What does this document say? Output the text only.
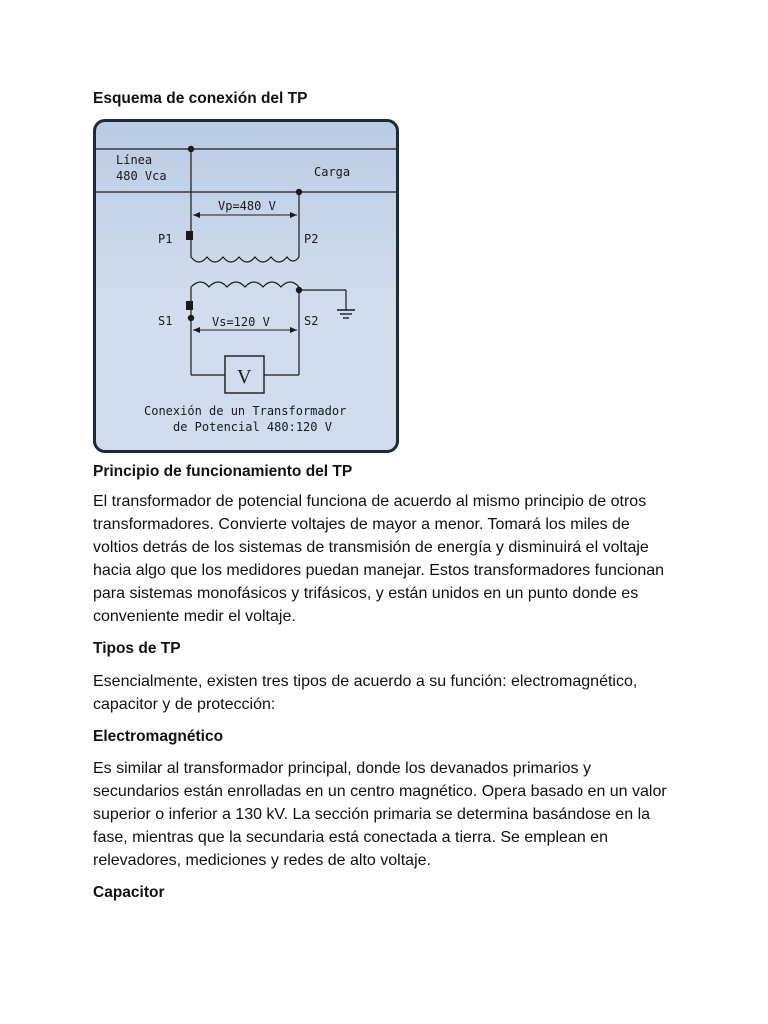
Esquema de conexión del TP
Línea
480 Vca	Carga
Vp=480 V
P1	P2
S1	S2
Vs=120 V
V
Conexión de un Transformador
de Potencial 480:120 V
Principio de funcionamiento del TP

El transformador de potencial funciona de acuerdo al mismo principio de otros transformadores. Convierte voltajes de mayor a menor. Tomará los miles de voltios detrás de los sistemas de transmisión de energía y disminuirá el voltaje hacia algo que los medidores puedan manejar. Estos transformadores funcionan para sistemas monofásicos y trifásicos, y están unidos en un punto donde es conveniente medir el voltaje.

Tipos de TP

Esencialmente, existen tres tipos de acuerdo a su función: electromagnético, capacitor y de protección:

Electromagnético

Es similar al transformador principal, donde los devanados primarios y secundarios están enrolladas en un centro magnético. Opera basado en un valor superior o inferior a 130 kV. La sección primaria se determina basándose en la fase, mientras que la secundaria está conectada a tierra. Se emplean en relevadores, mediciones y redes de alto voltaje.

Capacitor
